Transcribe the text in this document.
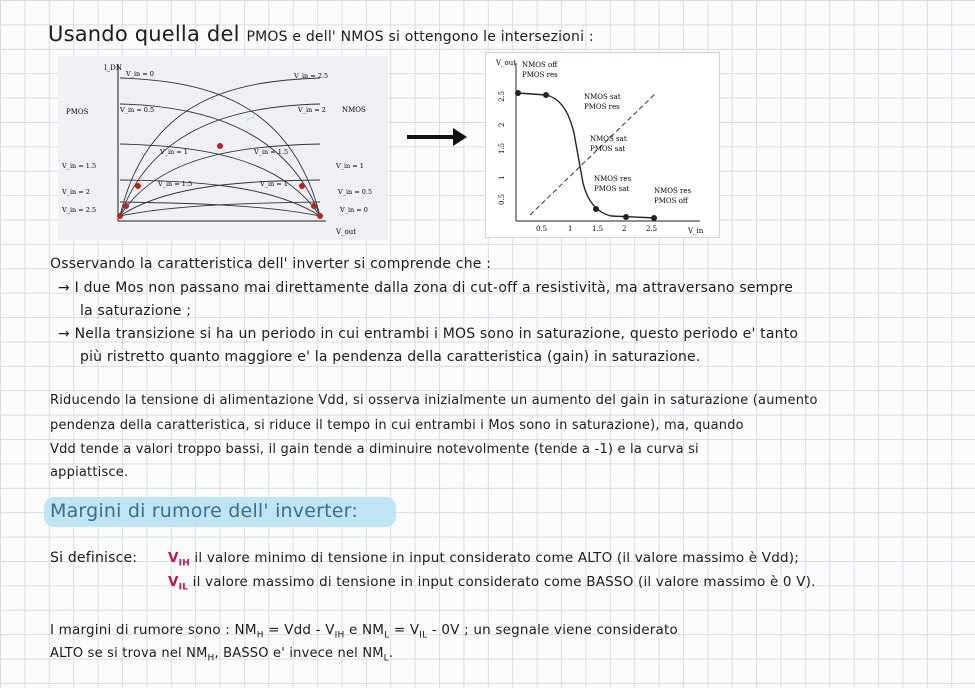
Usando quella del PMOS e dell' NMOS si ottengono le intersezioni :
I_DN
V_out
PMOS
V_in = 0
V_in = 0.5
V_in = 1
V_in = 1.5
V_in = 1.5
V_in = 2
V_in = 2.5
V_in = 2.5
V_in = 2 NMOS
V_in = 1.5
V_in = 1
V_in = 1
V_in = 0.5
V_in = 0
~
V_out
V_in
2.5
2
1.5
1
0.5
0.5	1	1.5	2	2.5
NMOS off
PMOS res
NMOS sat
PMOS res
NMOS sat
PMOS sat
NMOS res
PMOS sat	NMOS res
PMOS off
Osservando la caratteristica dell' inverter si comprende che :
→ I due Mos non passano mai direttamente dalla zona di cut-off a resistività, ma attraversano sempre
la saturazione ;
→ Nella transizione si ha un periodo in cui entrambi i MOS sono in saturazione, questo periodo e' tanto
più ristretto quanto maggiore e' la pendenza della caratteristica (gain) in saturazione.
Riducendo la tensione di alimentazione Vdd, si osserva inizialmente un aumento del gain in saturazione (aumento
pendenza della caratteristica, si riduce il tempo in cui entrambi i Mos sono in saturazione), ma, quando
Vdd tende a valori troppo bassi, il gain tende a diminuire notevolmente (tende a -1) e la curva si
appiattisce.
Margini di rumore dell' inverter:
Si definisce: $V_{IH}$ il valore minimo di tensione in input considerato come ALTO (il valore massimo è Vdd);
$V_{IL}$ il valore massimo di tensione in input considerato come BASSO (il valore massimo è 0 V).
I margini di rumore sono : $NM_H$ = Vdd - $V_{IH}$ e $NM_L = V_{IL} - 0V$ ; un segnale viene considerato
ALTO se si trova nel $NM_H$, BASSO e' invece nel $NM_L$.
